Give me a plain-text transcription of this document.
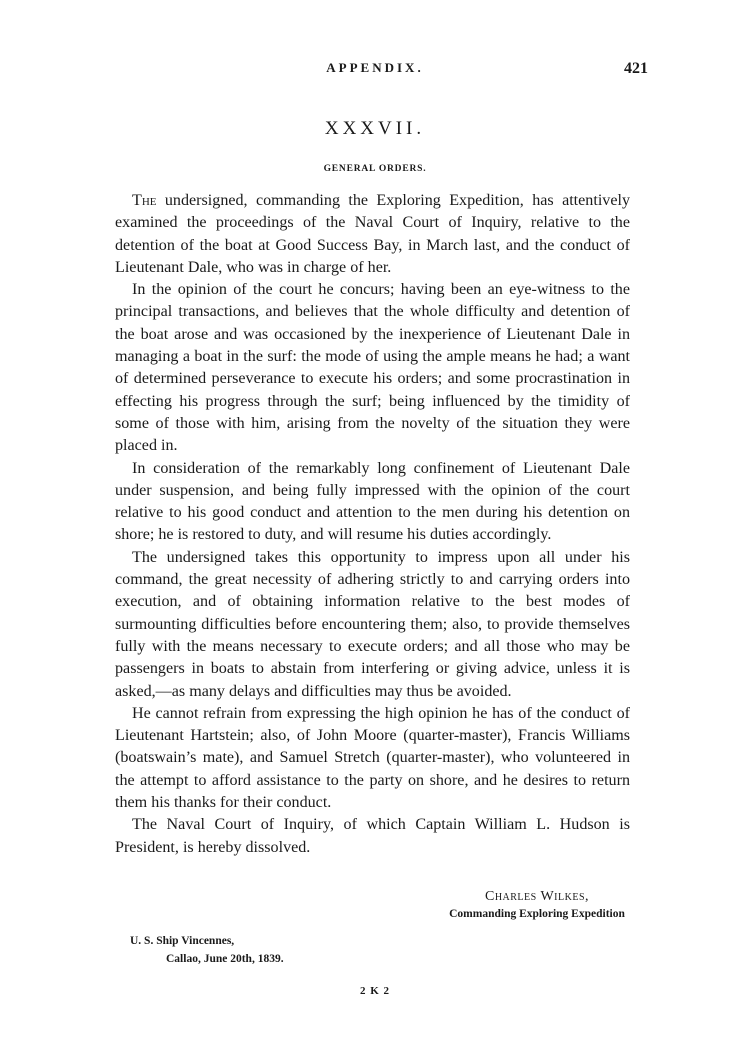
APPENDIX.	421
XXXVII.
GENERAL ORDERS.

The undersigned, commanding the Exploring Expedition, has attentively examined the proceedings of the Naval Court of Inquiry, relative to the detention of the boat at Good Success Bay, in March last, and the conduct of Lieutenant Dale, who was in charge of her.

In the opinion of the court he concurs; having been an eye-witness to the principal transactions, and believes that the whole difficulty and detention of the boat arose and was occasioned by the inexperience of Lieutenant Dale in managing a boat in the surf: the mode of using the ample means he had; a want of determined perseverance to execute his orders; and some procrastination in effecting his progress through the surf; being influenced by the timidity of some of those with him, arising from the novelty of the situation they were placed in.

In consideration of the remarkably long confinement of Lieutenant Dale under suspension, and being fully impressed with the opinion of the court relative to his good conduct and attention to the men during his detention on shore; he is restored to duty, and will resume his duties accordingly.

The undersigned takes this opportunity to impress upon all under his command, the great necessity of adhering strictly to and carrying orders into execution, and of obtaining information relative to the best modes of surmounting difficulties before encountering them; also, to provide themselves fully with the means necessary to execute orders; and all those who may be passengers in boats to abstain from interfering or giving advice, unless it is asked,—as many delays and difficulties may thus be avoided.

He cannot refrain from expressing the high opinion he has of the conduct of Lieutenant Hartstein; also, of John Moore (quarter-master), Francis Williams (boatswain’s mate), and Samuel Stretch (quarter-master), who volunteered in the attempt to afford assistance to the party on shore, and he desires to return them his thanks for their conduct.

The Naval Court of Inquiry, of which Captain William L. Hudson is President, is hereby dissolved.

Charles Wilkes,
Commanding Exploring Expedition
U. S. Ship Vincennes,
Callao, June 20th, 1839.
2 K 2
